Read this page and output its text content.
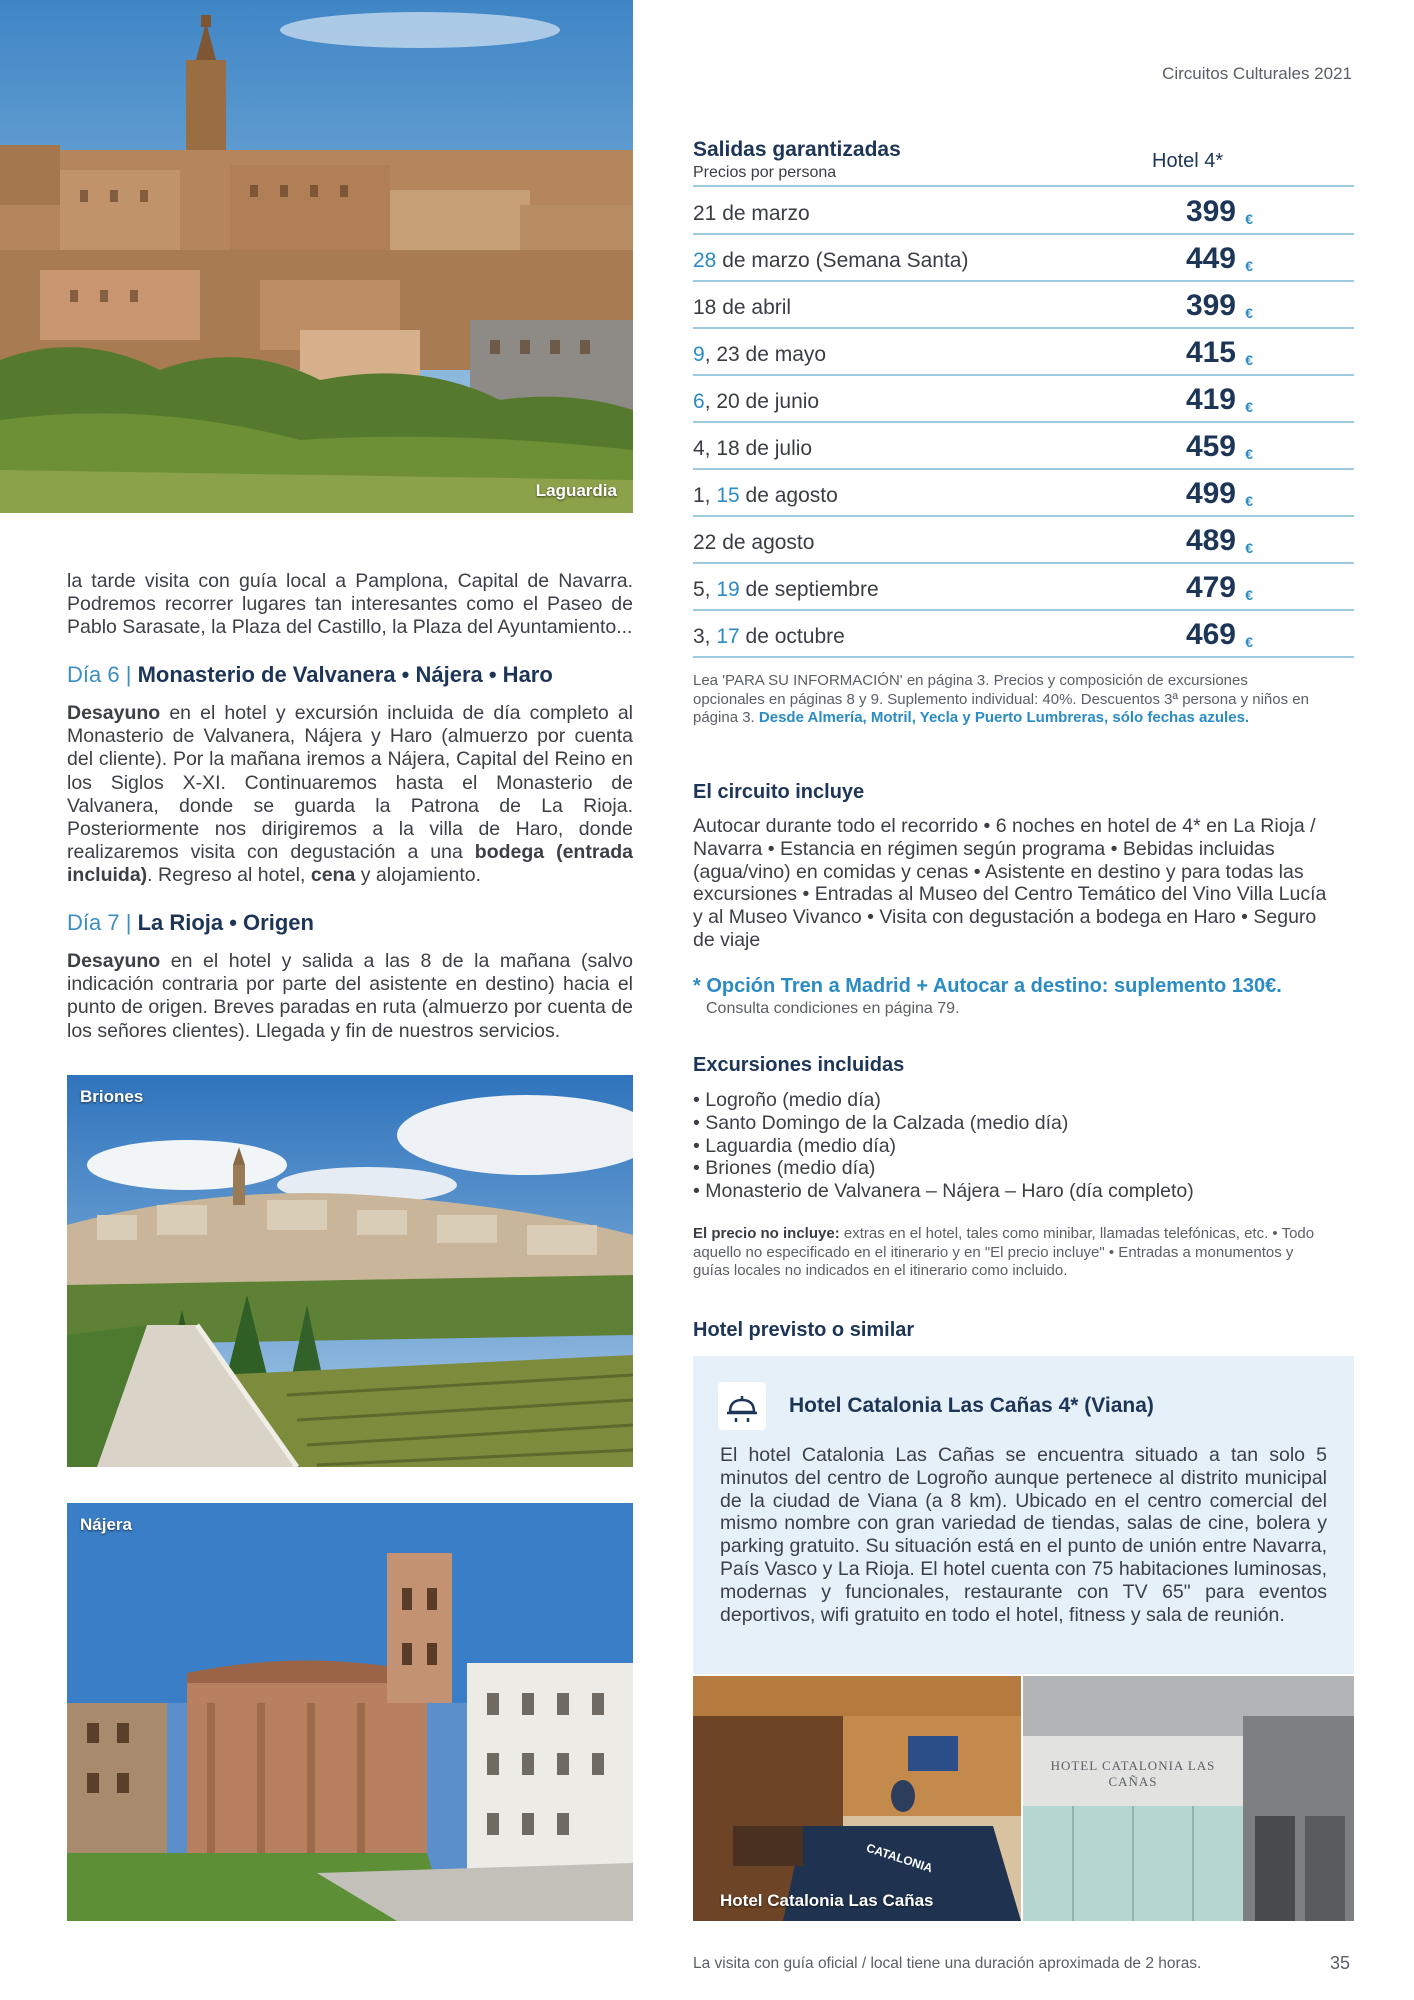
Laguardia
Circuitos Culturales 2021
la tarde visita con guía local a Pamplona, Capital de Navarra. Podremos recorrer lugares tan interesantes como el Paseo de Pablo Sarasate, la Plaza del Castillo, la Plaza del Ayuntamiento...
Día 6 | Monasterio de Valvanera • Nájera • Haro
Desayuno en el hotel y excursión incluida de día completo al Monasterio de Valvanera, Nájera y Haro (almuerzo por cuenta del cliente). Por la mañana iremos a Nájera, Capital del Reino en los Siglos X-XI. Continuaremos hasta el Monasterio de Valvanera, donde se guarda la Patrona de La Rioja. Posteriormente nos dirigiremos a la villa de Haro, donde realizaremos visita con degustación a una bodega (entrada incluida). Regreso al hotel, cena y alojamiento.
Día 7 | La Rioja • Origen
Desayuno en el hotel y salida a las 8 de la mañana (salvo indicación contraria por parte del asistente en destino) hacia el punto de origen. Breves paradas en ruta (almuerzo por cuenta de los señores clientes). Llegada y fin de nuestros servicios.
Briones
Nájera
Salidas garantizadas
Precios por persona
Hotel 4*
21 de marzo	399 €
28 de marzo (Semana Santa)	449 €
18 de abril	399 €
9, 23 de mayo	415 €
6, 20 de junio	419 €
4, 18 de julio	459 €
1, 15 de agosto	499 €
22 de agosto	489 €
5, 19 de septiembre	479 €
3, 17 de octubre	469 €
Lea 'PARA SU INFORMACIÓN' en página 3. Precios y composición de excursiones opcionales en páginas 8 y 9. Suplemento individual: 40%. Descuentos 3ª persona y niños en página 3. Desde Almería, Motril, Yecla y Puerto Lumbreras, sólo fechas azules.
El circuito incluye
Autocar durante todo el recorrido • 6 noches en hotel de 4* en La Rioja / Navarra • Estancia en régimen según programa • Bebidas incluidas (agua/vino) en comidas y cenas • Asistente en destino y para todas las excursiones • Entradas al Museo del Centro Temático del Vino Villa Lucía y al Museo Vivanco • Visita con degustación a bodega en Haro • Seguro de viaje
* Opción Tren a Madrid + Autocar a destino: suplemento 130€.
Consulta condiciones en página 79.
Excursiones incluidas
• Logroño (medio día)
• Santo Domingo de la Calzada (medio día)
• Laguardia (medio día)
• Briones (medio día)
• Monasterio de Valvanera – Nájera – Haro (día completo)
El precio no incluye: extras en el hotel, tales como minibar, llamadas telefónicas, etc. • Todo aquello no especificado en el itinerario y en "El precio incluye" • Entradas a monumentos y guías locales no indicados en el itinerario como incluido.
Hotel previsto o similar
Hotel Catalonia Las Cañas 4* (Viana)
El hotel Catalonia Las Cañas se encuentra situado a tan solo 5 minutos del centro de Logroño aunque pertenece al distrito municipal de la ciudad de Viana (a 8 km). Ubicado en el centro comercial del mismo nombre con gran variedad de tiendas, salas de cine, bolera y parking gratuito. Su situación está en el punto de unión entre Navarra, País Vasco y La Rioja. El hotel cuenta con 75 habitaciones luminosas, modernas y funcionales, restaurante con TV 65" para eventos deportivos, wifi gratuito en todo el hotel, fitness y sala de reunión.
CATALONIA
Hotel Catalonia Las Cañas
HOTEL CATALONIA LAS CAÑAS
La visita con guía oficial / local tiene una duración aproximada de 2 horas.	35
